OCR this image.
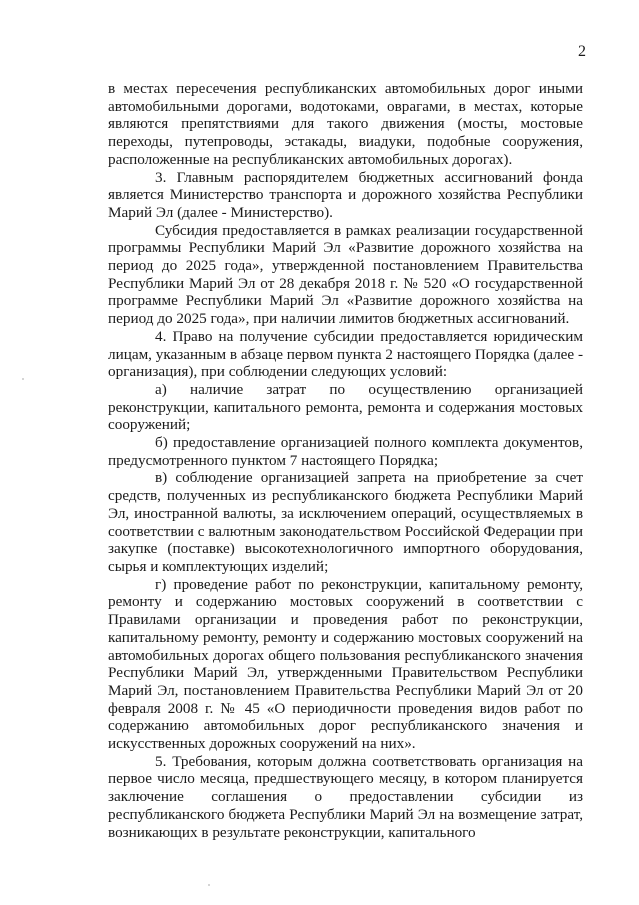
2

в местах пересечения республиканских автомобильных дорог иными автомобильными дорогами, водотоками, оврагами, в местах, которые являются препятствиями для такого движения (мосты, мостовые переходы, путепроводы, эстакады, виадуки, подобные сооружения, расположенные на республиканских автомобильных дорогах).

3. Главным распорядителем бюджетных ассигнований фонда является Министерство транспорта и дорожного хозяйства Республики Марий Эл (далее - Министерство).

Субсидия предоставляется в рамках реализации государственной программы Республики Марий Эл «Развитие дорожного хозяйства на период до 2025 года», утвержденной постановлением Правительства Республики Марий Эл от 28 декабря 2018 г. № 520 «О государственной программе Республики Марий Эл «Развитие дорожного хозяйства на период до 2025 года», при наличии лимитов бюджетных ассигнований.

4. Право на получение субсидии предоставляется юридическим лицам, указанным в абзаце первом пункта 2 настоящего Порядка (далее - организация), при соблюдении следующих условий:

а) наличие затрат по осуществлению организацией реконструкции, капитального ремонта, ремонта и содержания мостовых сооружений;

б) предоставление организацией полного комплекта документов, предусмотренного пунктом 7 настоящего Порядка;

в) соблюдение организацией запрета на приобретение за счет средств, полученных из республиканского бюджета Республики Марий Эл, иностранной валюты, за исключением операций, осуществляемых в соответствии с валютным законодательством Российской Федерации при закупке (поставке) высокотехнологичного импортного оборудования, сырья и комплектующих изделий;

г) проведение работ по реконструкции, капитальному ремонту, ремонту и содержанию мостовых сооружений в соответствии с Правилами организации и проведения работ по реконструкции, капитальному ремонту, ремонту и содержанию мостовых сооружений на автомобильных дорогах общего пользования республиканского значения Республики Марий Эл, утвержденными Правительством Республики Марий Эл, постановлением Правительства Республики Марий Эл от 20 февраля 2008 г. № 45 «О периодичности проведения видов работ по содержанию автомобильных дорог республиканского значения и искусственных дорожных сооружений на них».

5. Требования, которым должна соответствовать организация на первое число месяца, предшествующего месяцу, в котором планируется заключение соглашения о предоставлении субсидии из республиканского бюджета Республики Марий Эл на возмещение затрат, возникающих в результате реконструкции, капитального
